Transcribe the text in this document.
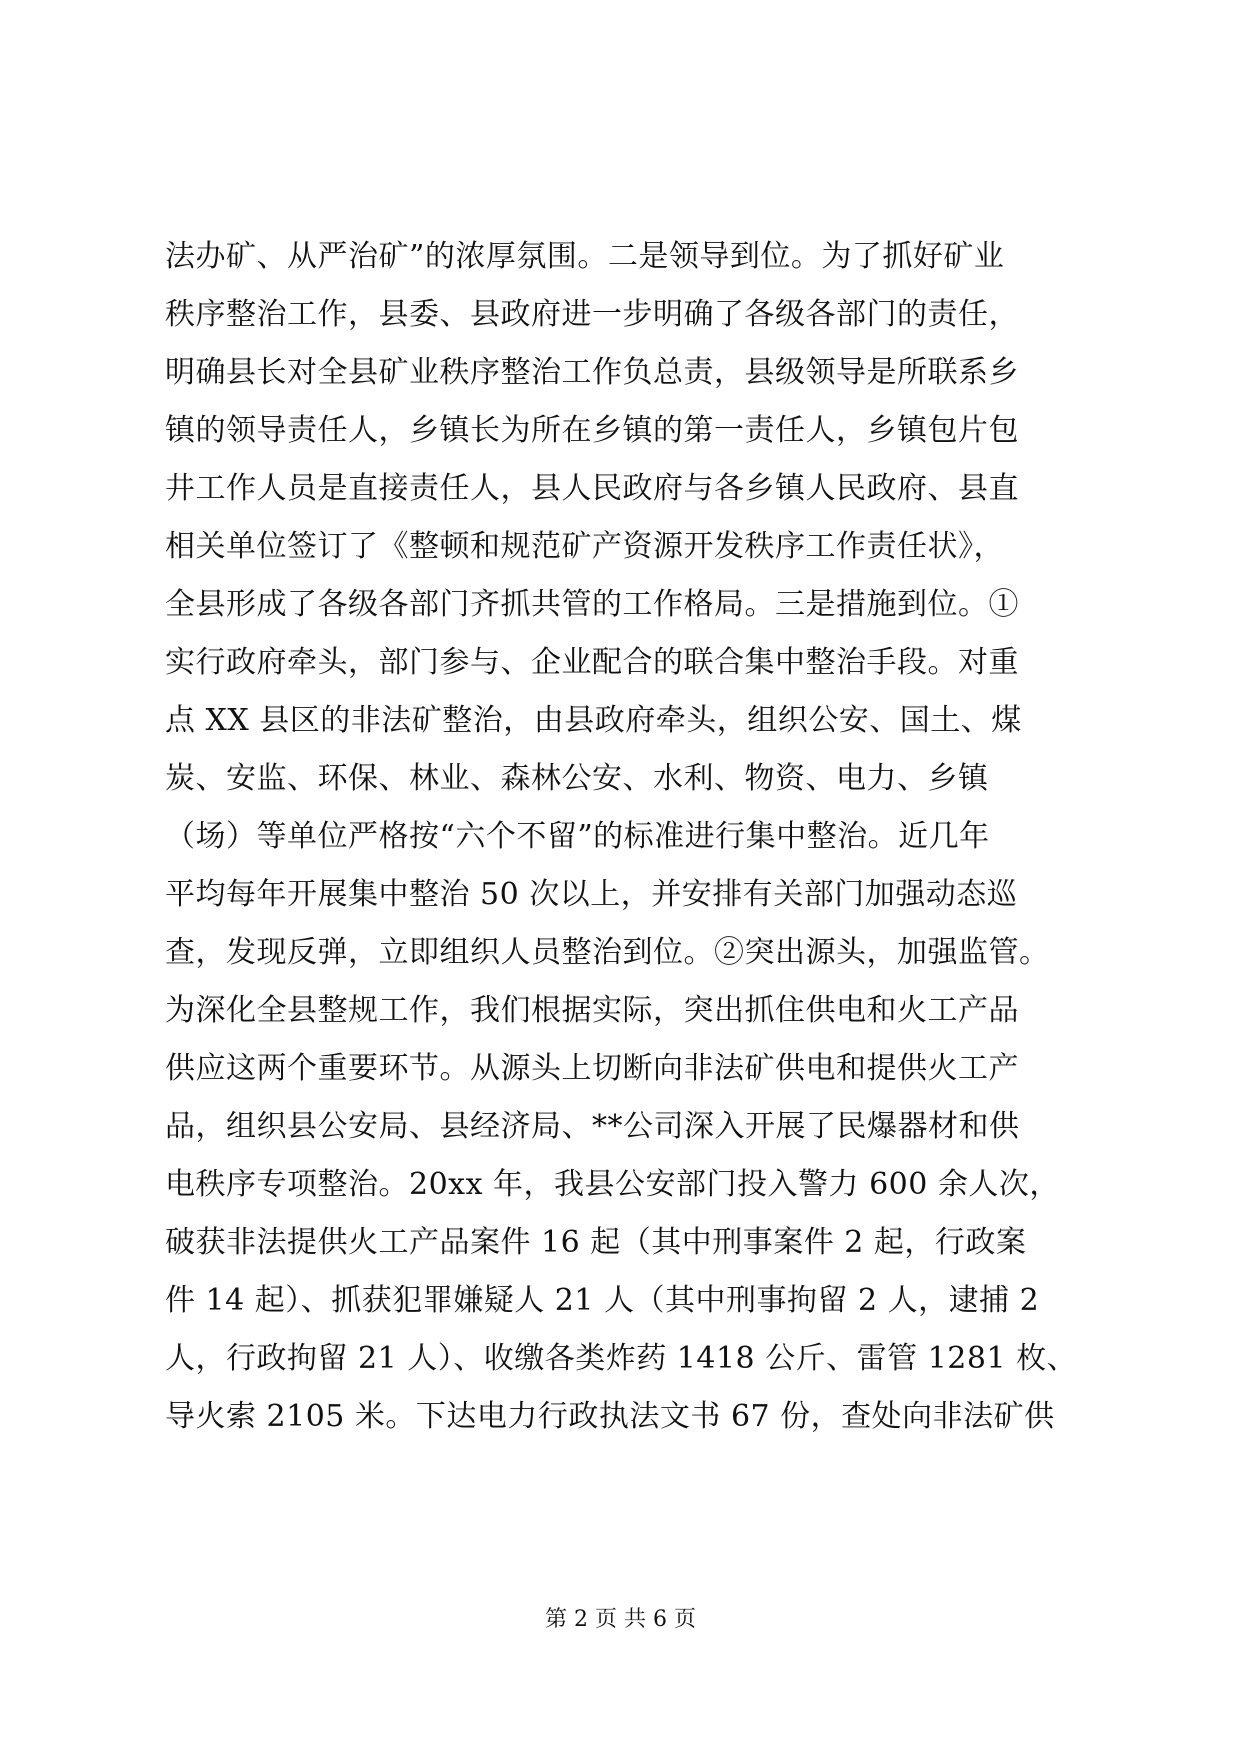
法办矿、从严治矿”的浓厚氛围。二是领导到位。为了抓好矿业
秩序整治工作，县委、县政府进一步明确了各级各部门的责任，
明确县长对全县矿业秩序整治工作负总责，县级领导是所联系乡
镇的领导责任人，乡镇长为所在乡镇的第一责任人，乡镇包片包
井工作人员是直接责任人，县人民政府与各乡镇人民政府、县直
相关单位签订了《整顿和规范矿产资源开发秩序工作责任状》，
全县形成了各级各部门齐抓共管的工作格局。三是措施到位。①
实行政府牵头，部门参与、企业配合的联合集中整治手段。对重
点 XX 县区的非法矿整治，由县政府牵头，组织公安、国土、煤
炭、安监、环保、林业、森林公安、水利、物资、电力、乡镇
（场）等单位严格按“六个不留”的标准进行集中整治。近几年
平均每年开展集中整治 50 次以上，并安排有关部门加强动态巡
查，发现反弹，立即组织人员整治到位。②突出源头，加强监管。
为深化全县整规工作，我们根据实际，突出抓住供电和火工产品
供应这两个重要环节。从源头上切断向非法矿供电和提供火工产
品，组织县公安局、县经济局、**公司深入开展了民爆器材和供
电秩序专项整治。20xx 年，我县公安部门投入警力 600 余人次，
破获非法提供火工产品案件 16 起（其中刑事案件 2 起，行政案
件 14 起）、抓获犯罪嫌疑人 21 人（其中刑事拘留 2 人，逮捕 2
人，行政拘留 21 人）、收缴各类炸药 1418 公斤、雷管 1281 枚、
导火索 2105 米。下达电力行政执法文书 67 份，查处向非法矿供
第 2 页 共 6 页
